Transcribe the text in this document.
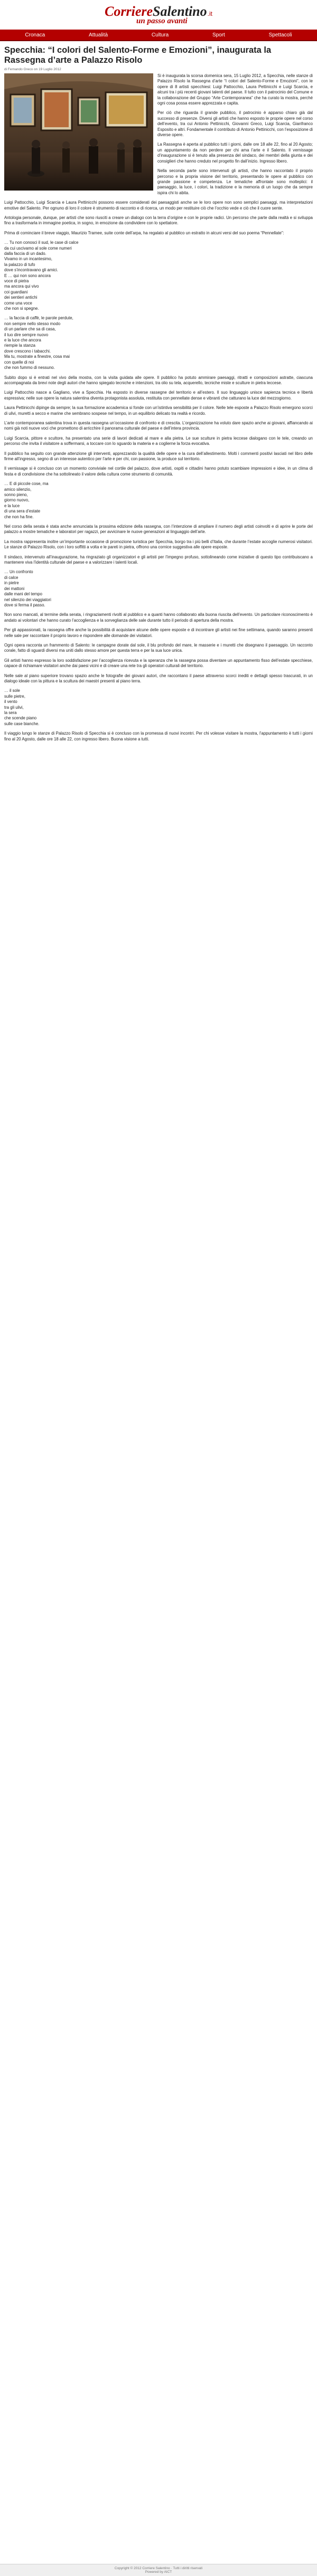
Corriere Salentino .it
un passo avanti
Cronaca	Attualità	Cultura	Sport	Spettacoli
Specchia: “I colori del Salento-Forme e Emozioni”, inaugurata la Rassegna d’arte a Palazzo Risolo
di Fernando Greco on 19 Luglio 2012

Si è inaugurata la scorsa domenica sera, 15 Luglio 2012, a Specchia, nelle stanze di Palazzo Risolo la Rassegna d’arte “I colori del Salento-Forme e Emozioni”, con le opere di 8 artisti specchiesi: Luigi Pattocchio, Laura Pettinicchi e Luigi Scarcia, e alcuni tra i più recenti giovani talenti del paese. Il tutto con il patrocinio del Comune e la collaborazione del Gruppo “Arte Contemporanea” che ha curato la mostra, perché ogni cosa possa essere apprezzata e capita.

Per ciò che riguarda il grande pubblico, il patrocinio è apparso chiaro già dal successo di presenze. Diversi gli artisti che hanno esposto le proprie opere nel corso dell’evento, tra cui Antonio Pettinicchi, Giovanni Greco, Luigi Scarcia, Gianfranco Esposito e altri. Fondamentale il contributo di Antonio Pettinicchi, con l’esposizione di diverse opere.

La Rassegna è aperta al pubblico tutti i giorni, dalle ore 18 alle 22, fino al 20 Agosto; un appuntamento da non perdere per chi ama l’arte e il Salento. Il vernissage d’inaugurazione si è tenuto alla presenza del sindaco, dei membri della giunta e dei consiglieri che hanno creduto nel progetto fin dall’inizio. Ingresso libero.

Nella seconda parte sono intervenuti gli artisti, che hanno raccontato il proprio percorso e la propria visione del territorio, presentando le opere al pubblico con grande passione e competenza. Le tematiche affrontate sono molteplici: il paesaggio, la luce, i colori, la tradizione e la memoria di un luogo che da sempre ispira chi lo abita.

Luigi Pattocchio, Luigi Scarcia e Laura Pettinicchi possono essere considerati dei paesaggisti anche se le loro opere non sono semplici paesaggi, ma interpretazioni emotive del Salento. Per ognuno di loro il colore è strumento di racconto e di ricerca, un modo per restituire ciò che l’occhio vede e ciò che il cuore sente.

Antologia personale, dunque, per artisti che sono riusciti a creare un dialogo con la terra d’origine e con le proprie radici. Un percorso che parte dalla realtà e si sviluppa fino a trasformarla in immagine poetica, in sogno, in emozione da condividere con lo spettatore.

Prima di cominciare il breve viaggio, Maurizio Tramee, suite conte dell’arpa, ha regalato al pubblico un estratto in alcuni versi del suo poema “Pennellate”:

… Tu non conosci il sud, le case di calce
da cui uscivamo al sole come numeri
dalla faccia di un dado.
Vivamo in un incantesimo,
la palazzo di tufo
dove s’incontravano gli amici.
E … qui non sono ancora
voce di pietra
ma ancora qui vivo
coi guardiani
dei sentieri antichi
come una voce
che non si spegne.

… la faccia di caffè, le parole perdute,
non sempre nello stesso modo
di un parlare che sa di casa,
il tuo dire sempre nuovo
e la luce che ancora
riempie la stanza
dove crescono i tabacchi.
Ma tu, mostrate a finestre, cosa mai
con quelle di noi
che non fummo di nessuno.

Subito dopo si è entrati nel vivo della mostra, con la visita guidata alle opere. Il pubblico ha potuto ammirare paesaggi, ritratti e composizioni astratte, ciascuna accompagnata da brevi note degli autori che hanno spiegato tecniche e intenzioni, tra olio su tela, acquerello, tecniche miste e sculture in pietra leccese.

Luigi Pattocchio nasce a Gagliano, vive a Specchia. Ha esposto in diverse rassegne del territorio e all’estero. Il suo linguaggio unisce sapienza tecnica e libertà espressiva; nelle sue opere la natura salentina diventa protagonista assoluta, restituita con pennellate dense e vibranti che catturano la luce del mezzogiorno.

Laura Pettinicchi dipinge da sempre; la sua formazione accademica si fonde con un’istintiva sensibilità per il colore. Nelle tele esposte a Palazzo Risolo emergono scorci di ulivi, muretti a secco e marine che sembrano sospese nel tempo, in un equilibrio delicato tra realtà e ricordo.

L’arte contemporanea salentina trova in questa rassegna un’occasione di confronto e di crescita. L’organizzazione ha voluto dare spazio anche ai giovani, affiancando ai nomi già noti nuove voci che promettono di arricchire il panorama culturale del paese e dell’intera provincia.

Luigi Scarcia, pittore e scultore, ha presentato una serie di lavori dedicati al mare e alla pietra. Le sue sculture in pietra leccese dialogano con le tele, creando un percorso che invita il visitatore a soffermarsi, a toccare con lo sguardo la materia e a coglierne la forza evocativa.

Il pubblico ha seguito con grande attenzione gli interventi, apprezzando la qualità delle opere e la cura dell’allestimento. Molti i commenti positivi lasciati nel libro delle firme all’ingresso, segno di un interesse autentico per l’arte e per chi, con passione, la produce sul territorio.

Il vernissage si è concluso con un momento conviviale nel cortile del palazzo, dove artisti, ospiti e cittadini hanno potuto scambiare impressioni e idee, in un clima di festa e di condivisione che ha sottolineato il valore della cultura come strumento di comunità.

… E di piccole cose, ma
amico silenzio,
sonno pieno,
giorno nuovo,
e la luce
di una sera d’estate
che non ha fine.

Nel corso della serata è stata anche annunciata la prossima edizione della rassegna, con l’intenzione di ampliare il numero degli artisti coinvolti e di aprire le porte del palazzo a mostre tematiche e laboratori per ragazzi, per avvicinare le nuove generazioni al linguaggio dell’arte.

La mostra rappresenta inoltre un’importante occasione di promozione turistica per Specchia, borgo tra i più belli d’Italia, che durante l’estate accoglie numerosi visitatori. Le stanze di Palazzo Risolo, con i loro soffitti a volta e le pareti in pietra, offrono una cornice suggestiva alle opere esposte.

Il sindaco, intervenuto all’inaugurazione, ha ringraziato gli organizzatori e gli artisti per l’impegno profuso, sottolineando come iniziative di questo tipo contribuiscano a mantenere viva l’identità culturale del paese e a valorizzare i talenti locali.

… Un confronto
di calce
in pietre
dei mattoni
dalle mani del tempo
nel silenzio dei viaggiatori
dove si ferma il passo.

Non sono mancati, al termine della serata, i ringraziamenti rivolti al pubblico e a quanti hanno collaborato alla buona riuscita dell’evento. Un particolare riconoscimento è andato ai volontari che hanno curato l’accoglienza e la sorveglianza delle sale durante tutto il periodo di apertura della mostra.

Per gli appassionati, la rassegna offre anche la possibilità di acquistare alcune delle opere esposte e di incontrare gli artisti nei fine settimana, quando saranno presenti nelle sale per raccontare il proprio lavoro e rispondere alle domande dei visitatori.

Ogni opera racconta un frammento di Salento: le campagne dorate dal sole, il blu profondo del mare, le masserie e i muretti che disegnano il paesaggio. Un racconto corale, fatto di sguardi diversi ma uniti dallo stesso amore per questa terra e per la sua luce unica.

Gli artisti hanno espresso la loro soddisfazione per l’accoglienza ricevuta e la speranza che la rassegna possa diventare un appuntamento fisso dell’estate specchiese, capace di richiamare visitatori anche dai paesi vicini e di creare una rete tra gli operatori culturali del territorio.

Nelle sale al piano superiore trovano spazio anche le fotografie dei giovani autori, che raccontano il paese attraverso scorci inediti e dettagli spesso trascurati, in un dialogo ideale con la pittura e la scultura dei maestri presenti al piano terra.

… il sole
sulle pietre,
il vento
tra gli ulivi,
la sera
che scende piano
sulle case bianche.

Il viaggio lungo le stanze di Palazzo Risolo di Specchia si è concluso con la promessa di nuovi incontri. Per chi volesse visitare la mostra, l’appuntamento è tutti i giorni fino al 20 Agosto, dalle ore 18 alle 22, con ingresso libero. Buona visione a tutti.

Copyright © 2012 Corriere Salentino · Tutti i diritti riservati
Powered by AICT
